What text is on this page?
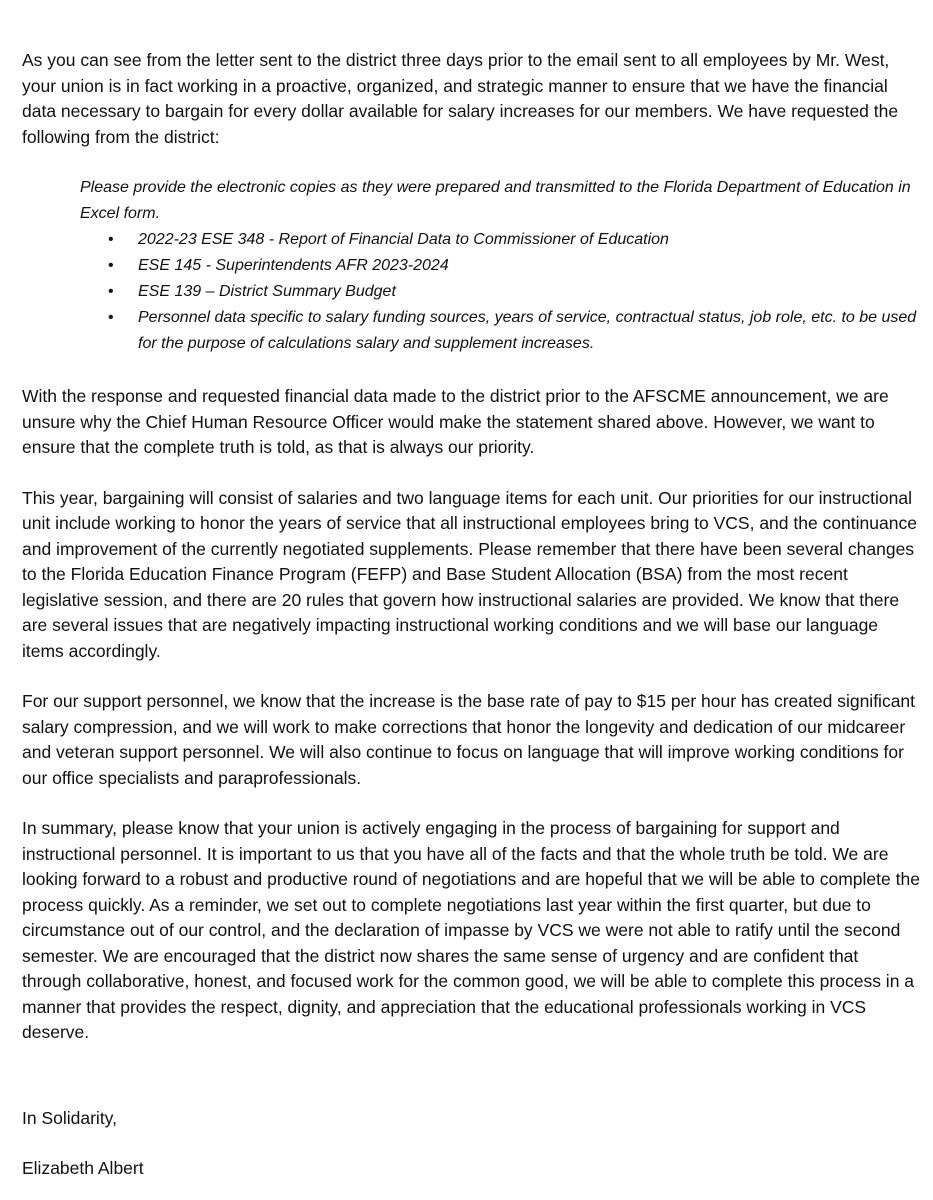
As you can see from the letter sent to the district three days prior to the email sent to all employees by Mr. West, your union is in fact working in a proactive, organized, and strategic manner to ensure that we have the financial data necessary to bargain for every dollar available for salary increases for our members. We have requested the following from the district:

Please provide the electronic copies as they were prepared and transmitted to the Florida Department of Education in Excel form.

• 2022-23 ESE 348 - Report of Financial Data to Commissioner of Education
• ESE 145 - Superintendents AFR 2023-2024
• ESE 139 – District Summary Budget
• Personnel data specific to salary funding sources, years of service, contractual status, job role, etc. to be used for the purpose of calculations salary and supplement increases.

With the response and requested financial data made to the district prior to the AFSCME announcement, we are unsure why the Chief Human Resource Officer would make the statement shared above. However, we want to ensure that the complete truth is told, as that is always our priority.

This year, bargaining will consist of salaries and two language items for each unit. Our priorities for our instructional unit include working to honor the years of service that all instructional employees bring to VCS, and the continuance and improvement of the currently negotiated supplements. Please remember that there have been several changes to the Florida Education Finance Program (FEFP) and Base Student Allocation (BSA) from the most recent legislative session, and there are 20 rules that govern how instructional salaries are provided. We know that there are several issues that are negatively impacting instructional working conditions and we will base our language items accordingly.

For our support personnel, we know that the increase is the base rate of pay to $15 per hour has created significant salary compression, and we will work to make corrections that honor the longevity and dedication of our midcareer and veteran support personnel. We will also continue to focus on language that will improve working conditions for our office specialists and paraprofessionals.

In summary, please know that your union is actively engaging in the process of bargaining for support and instructional personnel. It is important to us that you have all of the facts and that the whole truth be told. We are looking forward to a robust and productive round of negotiations and are hopeful that we will be able to complete the process quickly. As a reminder, we set out to complete negotiations last year within the first quarter, but due to circumstance out of our control, and the declaration of impasse by VCS we were not able to ratify until the second semester. We are encouraged that the district now shares the same sense of urgency and are confident that through collaborative, honest, and focused work for the common good, we will be able to complete this process in a manner that provides the respect, dignity, and appreciation that the educational professionals working in VCS deserve.

In Solidarity,

Elizabeth Albert
